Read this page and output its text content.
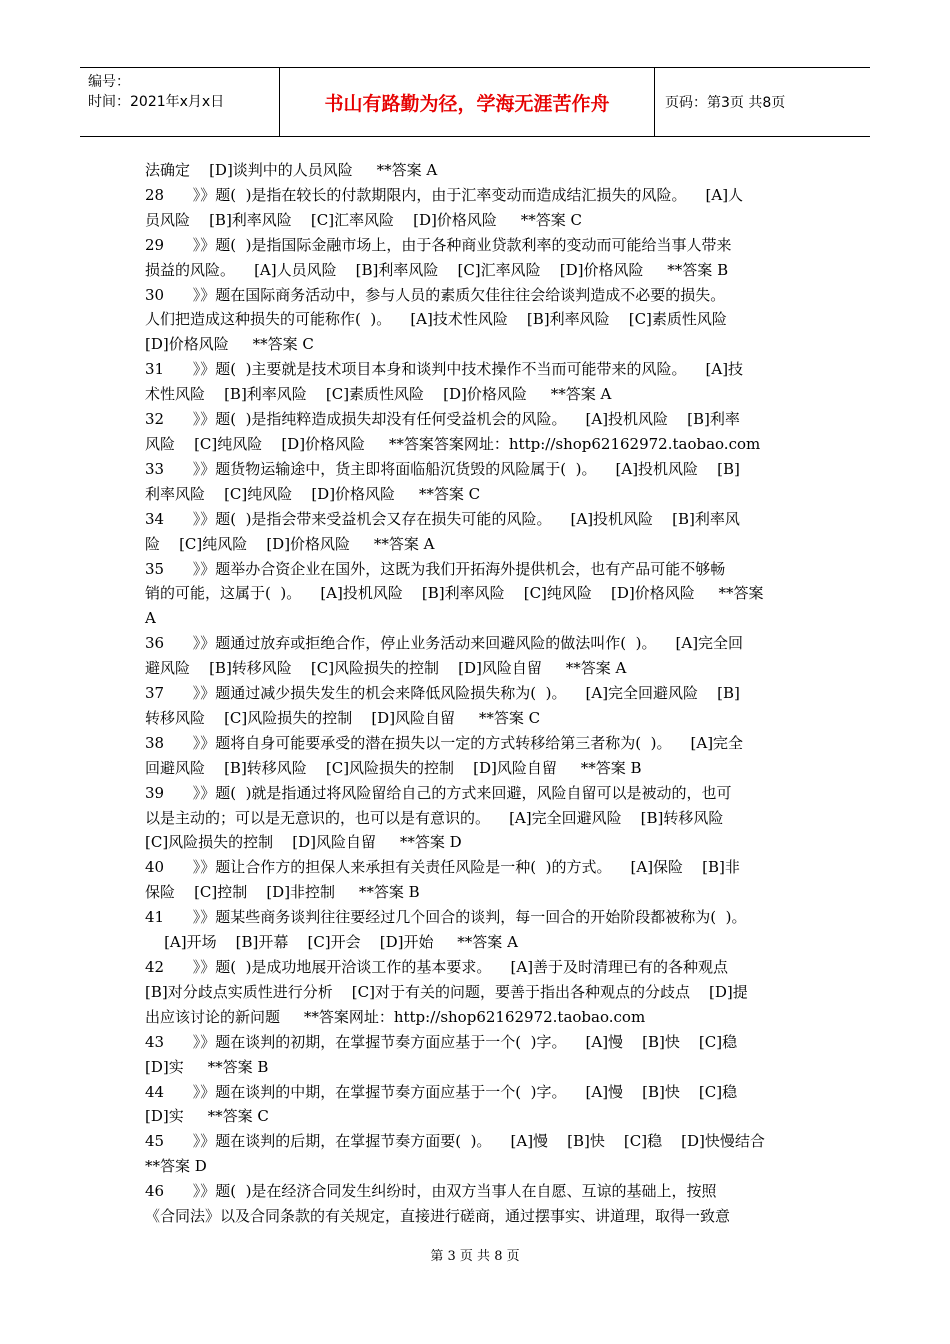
编号：
时间：2021年x月x日	书山有路勤为径，学海无涯苦作舟	页码：第3页 共8页

法确定    [D]谈判中的人员风险     **答案 A

28      》》题(  )是指在较长的付款期限内，由于汇率变动而造成结汇损失的风险。    [A]人

员风险    [B]利率风险    [C]汇率风险    [D]价格风险     **答案 C

29      》》题(  )是指国际金融市场上，由于各种商业贷款利率的变动而可能给当事人带来

损益的风险。    [A]人员风险    [B]利率风险    [C]汇率风险    [D]价格风险     **答案 B

30      》》题在国际商务活动中，参与人员的素质欠佳往往会给谈判造成不必要的损失。

人们把造成这种损失的可能称作(  )。    [A]技术性风险    [B]利率风险    [C]素质性风险

[D]价格风险     **答案 C

31      》》题(  )主要就是技术项目本身和谈判中技术操作不当而可能带来的风险。    [A]技

术性风险    [B]利率风险    [C]素质性风险    [D]价格风险     **答案 A

32      》》题(  )是指纯粹造成损失却没有任何受益机会的风险。    [A]投机风险    [B]利率

风险    [C]纯风险    [D]价格风险     **答案答案网址：http://shop62162972.taobao.com

33      》》题货物运输途中，货主即将面临船沉货毁的风险属于(  )。    [A]投机风险    [B]

利率风险    [C]纯风险    [D]价格风险     **答案 C

34      》》题(  )是指会带来受益机会又存在损失可能的风险。    [A]投机风险    [B]利率风

险    [C]纯风险    [D]价格风险     **答案 A

35      》》题举办合资企业在国外，这既为我们开拓海外提供机会，也有产品可能不够畅

销的可能，这属于(  )。    [A]投机风险    [B]利率风险    [C]纯风险    [D]价格风险     **答案

A

36      》》题通过放弃或拒绝合作，停止业务活动来回避风险的做法叫作(  )。    [A]完全回

避风险    [B]转移风险    [C]风险损失的控制    [D]风险自留     **答案 A

37      》》题通过减少损失发生的机会来降低风险损失称为(  )。    [A]完全回避风险    [B]

转移风险    [C]风险损失的控制    [D]风险自留     **答案 C

38      》》题将自身可能要承受的潜在损失以一定的方式转移给第三者称为(  )。    [A]完全

回避风险    [B]转移风险    [C]风险损失的控制    [D]风险自留     **答案 B

39      》》题(  )就是指通过将风险留给自己的方式来回避，风险自留可以是被动的，也可

以是主动的；可以是无意识的，也可以是有意识的。    [A]完全回避风险    [B]转移风险

[C]风险损失的控制    [D]风险自留     **答案 D

40      》》题让合作方的担保人来承担有关责任风险是一种(  )的方式。    [A]保险    [B]非

保险    [C]控制    [D]非控制     **答案 B

41      》》题某些商务谈判往往要经过几个回合的谈判，每一回合的开始阶段都被称为(  )。

[A]开场    [B]开幕    [C]开会    [D]开始     **答案 A

42      》》题(  )是成功地展开洽谈工作的基本要求。    [A]善于及时清理已有的各种观点

[B]对分歧点实质性进行分析    [C]对于有关的问题，要善于指出各种观点的分歧点    [D]提

出应该讨论的新问题     **答案网址：http://shop62162972.taobao.com

43      》》题在谈判的初期，在掌握节奏方面应基于一个(  )字。    [A]慢    [B]快    [C]稳

[D]实     **答案 B

44      》》题在谈判的中期，在掌握节奏方面应基于一个(  )字。    [A]慢    [B]快    [C]稳

[D]实     **答案 C

45      》》题在谈判的后期，在掌握节奏方面要(  )。    [A]慢    [B]快    [C]稳    [D]快慢结合

**答案 D

46      》》题(  )是在经济合同发生纠纷时，由双方当事人在自愿、互谅的基础上，按照

《合同法》以及合同条款的有关规定，直接进行磋商，通过摆事实、讲道理，取得一致意

第 3 页 共 8 页
